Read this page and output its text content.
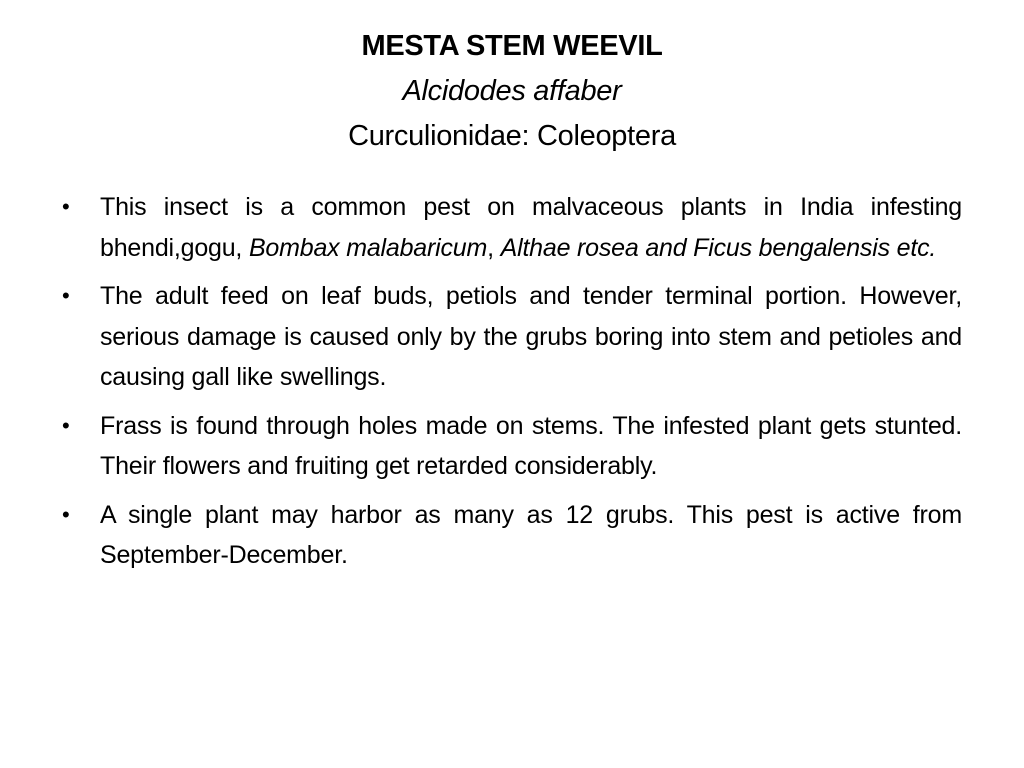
MESTA STEM WEEVIL
Alcidodes affaber
Curculionidae: Coleoptera
• This insect is a common pest on malvaceous plants in India infesting bhendi,gogu, Bombax malabaricum, Althae rosea and Ficus bengalensis etc.
• The adult feed on leaf buds, petiols and tender terminal portion. However, serious damage is caused only by the grubs boring into stem and petioles and causing gall like swellings.
• Frass is found through holes made on stems. The infested plant gets stunted. Their flowers and fruiting get retarded considerably.
• A single plant may harbor as many as 12 grubs. This pest is active from September-December.
